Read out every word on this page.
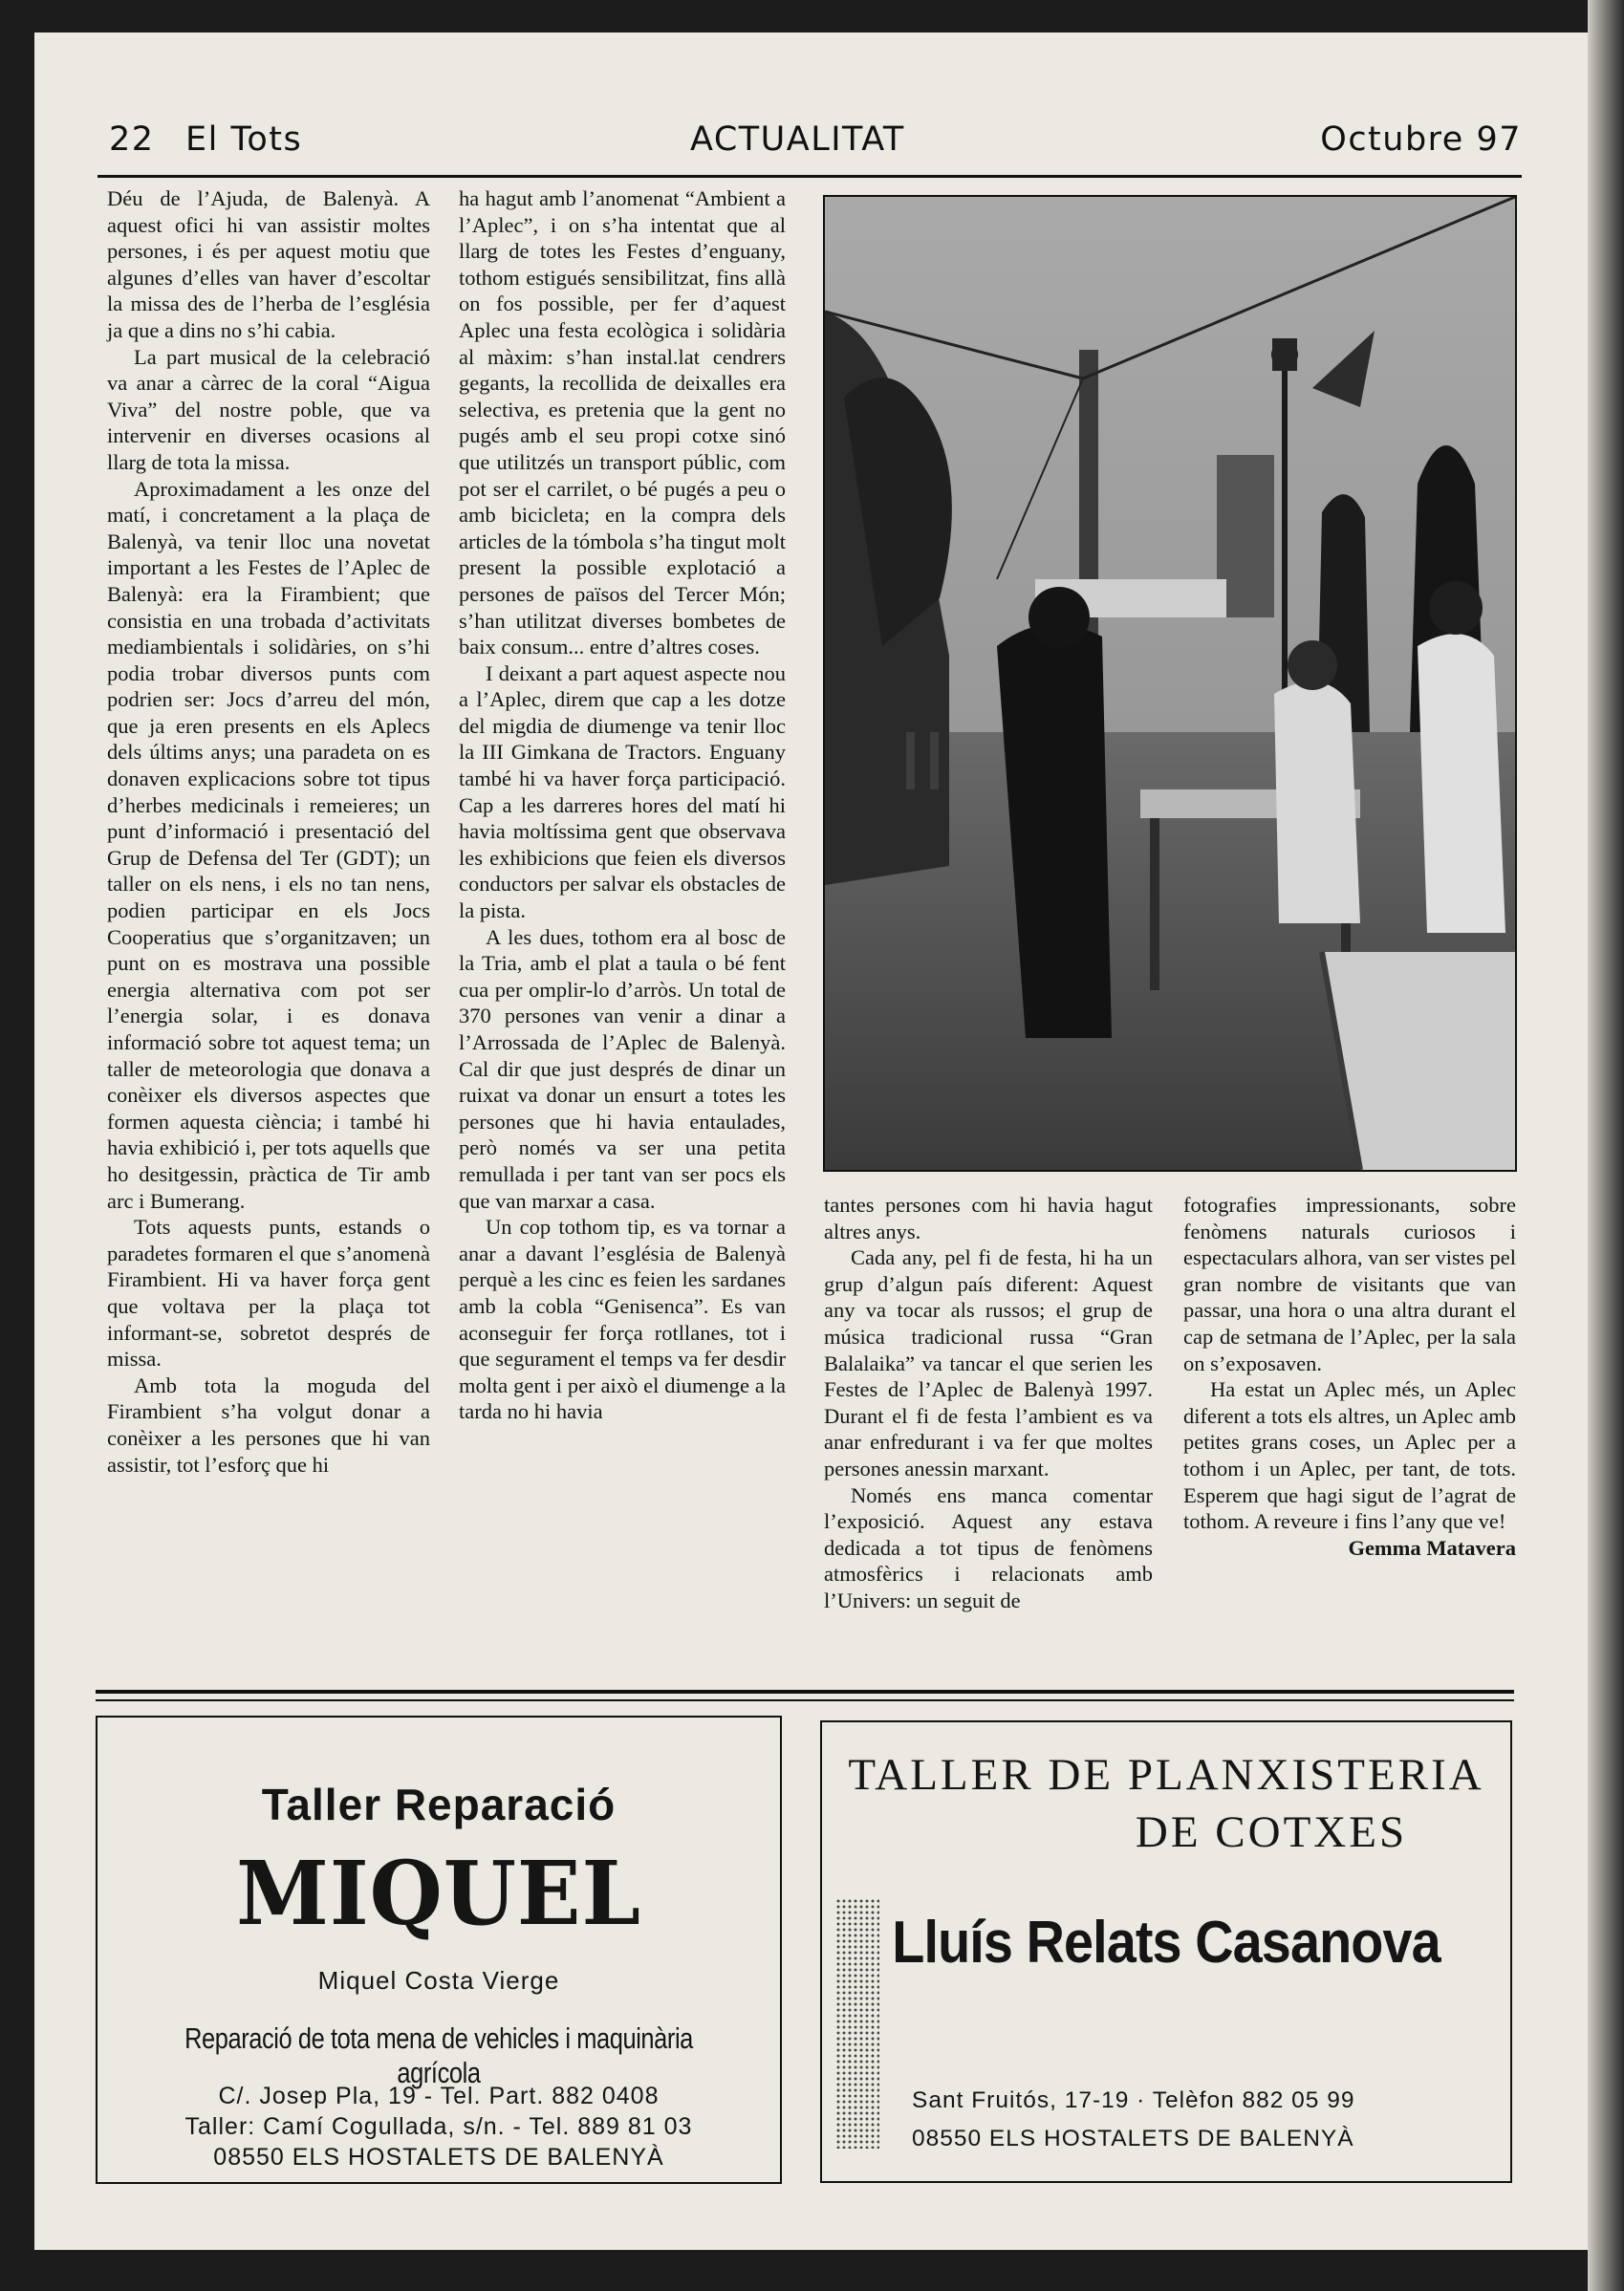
22 El Tots	ACTUALITAT	Octubre 97

Déu de l’Ajuda, de Balenyà. A aquest ofici hi van assistir moltes persones, i és per aquest motiu que algunes d’elles van haver d’escoltar la missa des de l’herba de l’església ja que a dins no s’hi cabia.

La part musical de la celebració va anar a càrrec de la coral “Aigua Viva” del nostre poble, que va intervenir en diverses ocasions al llarg de tota la missa.

Aproximadament a les onze del matí, i concretament a la plaça de Balenyà, va tenir lloc una novetat important a les Festes de l’Aplec de Balenyà: era la Firambient; que consistia en una trobada d’activitats mediambientals i solidàries, on s’hi podia trobar diversos punts com podrien ser: Jocs d’arreu del món, que ja eren presents en els Aplecs dels últims anys; una paradeta on es donaven explicacions sobre tot tipus d’herbes medicinals i remeieres; un punt d’informació i presentació del Grup de Defensa del Ter (GDT); un taller on els nens, i els no tan nens, podien participar en els Jocs Cooperatius que s’organitzaven; un punt on es mostrava una possible energia alternativa com pot ser l’energia solar, i es donava informació sobre tot aquest tema; un taller de meteorologia que donava a conèixer els diversos aspectes que formen aquesta ciència; i també hi havia exhibició i, per tots aquells que ho desitgessin, pràctica de Tir amb arc i Bumerang.

Tots aquests punts, estands o paradetes formaren el que s’anomenà Firambient. Hi va haver força gent que voltava per la plaça tot informant-se, sobretot després de missa.

Amb tota la moguda del Firambient s’ha volgut donar a conèixer a les persones que hi van assistir, tot l’esforç que hi

ha hagut amb l’anomenat “Ambient a l’Aplec”, i on s’ha intentat que al llarg de totes les Festes d’enguany, tothom estigués sensibilitzat, fins allà on fos possible, per fer d’aquest Aplec una festa ecològica i solidària al màxim: s’han instal.lat cendrers gegants, la recollida de deixalles era selectiva, es pretenia que la gent no pugés amb el seu propi cotxe sinó que utilitzés un transport públic, com pot ser el carrilet, o bé pugés a peu o amb bicicleta; en la compra dels articles de la tómbola s’ha tingut molt present la possible explotació a persones de països del Tercer Món; s’han utilitzat diverses bombetes de baix consum... entre d’altres coses.

I deixant a part aquest aspecte nou a l’Aplec, direm que cap a les dotze del migdia de diumenge va tenir lloc la III Gimkana de Tractors. Enguany també hi va haver força participació. Cap a les darreres hores del matí hi havia moltíssima gent que observava les exhibicions que feien els diversos conductors per salvar els obstacles de la pista.

A les dues, tothom era al bosc de la Tria, amb el plat a taula o bé fent cua per omplir-lo d’arròs. Un total de 370 persones van venir a dinar a l’Arrossada de l’Aplec de Balenyà. Cal dir que just després de dinar un ruixat va donar un ensurt a totes les persones que hi havia entaulades, però només va ser una petita remullada i per tant van ser pocs els que van marxar a casa.

Un cop tothom tip, es va tornar a anar a davant l’església de Balenyà perquè a les cinc es feien les sardanes amb la cobla “Genisenca”. Es van aconseguir fer força rotllanes, tot i que segurament el temps va fer desdir molta gent i per això el diumenge a la tarda no hi havia

tantes persones com hi havia hagut altres anys.

Cada any, pel fi de festa, hi ha un grup d’algun país diferent: Aquest any va tocar als russos; el grup de música tradicional russa “Gran Balalaika” va tancar el que serien les Festes de l’Aplec de Balenyà 1997. Durant el fi de festa l’ambient es va anar enfredurant i va fer que moltes persones anessin marxant.

Només ens manca comentar l’exposició. Aquest any estava dedicada a tot tipus de fenòmens atmosfèrics i relacionats amb l’Univers: un seguit de

fotografies impressionants, sobre fenòmens naturals curiosos i espectaculars alhora, van ser vistes pel gran nombre de visitants que van passar, una hora o una altra durant el cap de setmana de l’Aplec, per la sala on s’exposaven.

Ha estat un Aplec més, un Aplec diferent a tots els altres, un Aplec amb petites grans coses, un Aplec per a tothom i un Aplec, per tant, de tots. Esperem que hagi sigut de l’agrat de tothom. A reveure i fins l’any que ve!

Gemma Matavera

Taller Reparació
MIQUEL
Miquel Costa Vierge
Reparació de tota mena de vehicles i maquinària agrícola
C/. Josep Pla, 19 - Tel. Part. 882 0408
Taller: Camí Cogullada, s/n. - Tel. 889 81 03
08550 ELS HOSTALETS DE BALENYÀ
TALLER DE PLANXISTERIA
DE COTXES
Lluís Relats Casanova
Sant Fruitós, 17-19 · Telèfon 882 05 99
08550 ELS HOSTALETS DE BALENYÀ
